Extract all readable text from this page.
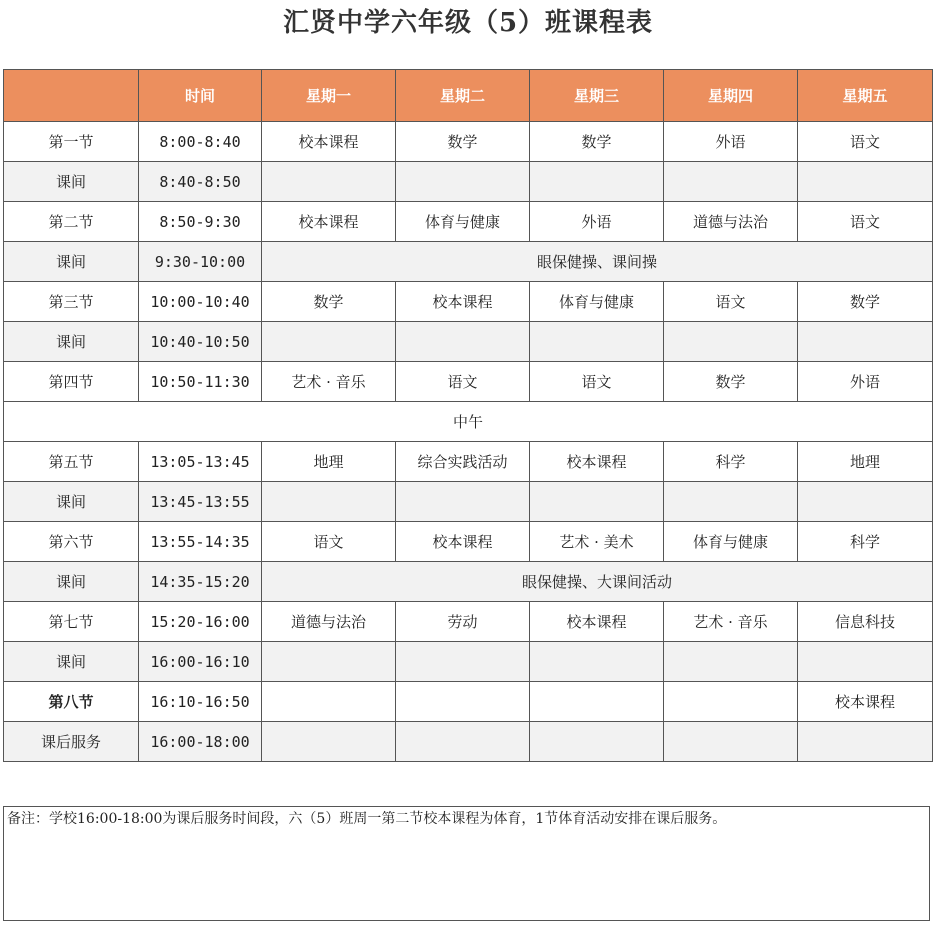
汇贤中学六年级（5）班课程表
	时间	星期一	星期二	星期三	星期四	星期五
第一节	8:00-8:40	校本课程	数学	数学	外语	语文
课间	8:40-8:50					
第二节	8:50-9:30	校本课程	体育与健康	外语	道德与法治	语文
课间	9:30-10:00	眼保健操、课间操				
第三节	10:00-10:40	数学	校本课程	体育与健康	语文	数学
课间	10:40-10:50					
第四节	10:50-11:30	艺术 · 音乐	语文	语文	数学	外语
中午						
第五节	13:05-13:45	地理	综合实践活动	校本课程	科学	地理
课间	13:45-13:55					
第六节	13:55-14:35	语文	校本课程	艺术 · 美术	体育与健康	科学
课间	14:35-15:20	眼保健操、大课间活动				
第七节	15:20-16:00	道德与法治	劳动	校本课程	艺术 · 音乐	信息科技
课间	16:00-16:10					
第八节	16:10-16:50					校本课程
课后服务	16:00-18:00					
备注：学校16:00-18:00为课后服务时间段，六（5）班周一第二节校本课程为体育，1节体育活动安排在课后服务。
